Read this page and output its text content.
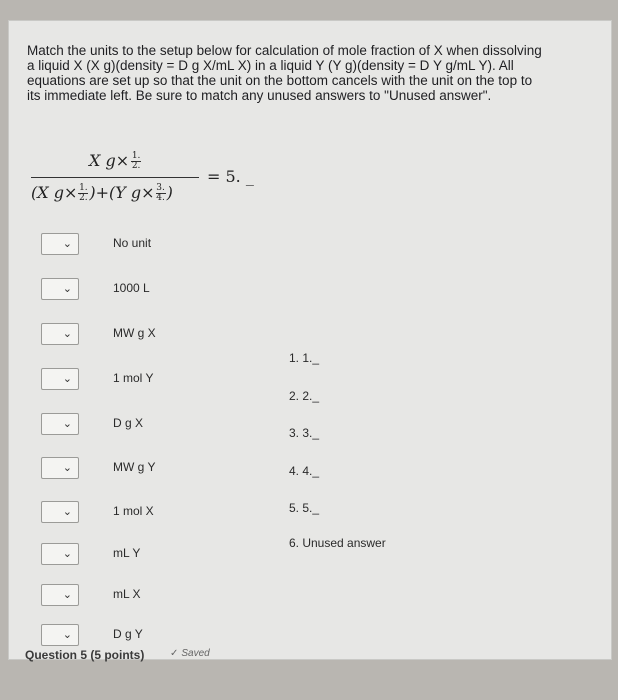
Match the units to the setup below for calculation of mole fraction of X when dissolving a liquid X (X g)(density = D g X/mL X) in a liquid Y (Y g)(density = D Y g/mL Y). All equations are set up so that the unit on the bottom cancels with the unit on the top to its immediate left. Be sure to match any unused answers to "Unused answer".

X $g\times \frac{1.}{2.}$
(X $g\times \frac{1.}{2.} )+(Y$ $g\times \frac{3.}{4.}$ )
= 5. _
⌄	No unit
⌄	1000 L
⌄	MW g X
⌄	1 mol Y
⌄	D g X
⌄	MW g Y
⌄	1 mol X
⌄	mL Y
⌄	mL X
⌄	D g Y
1. 1._
2. 2._
3. 3._
4. 4._
5. 5._
6. Unused answer
Question 5 (5 points)	✓ Saved
